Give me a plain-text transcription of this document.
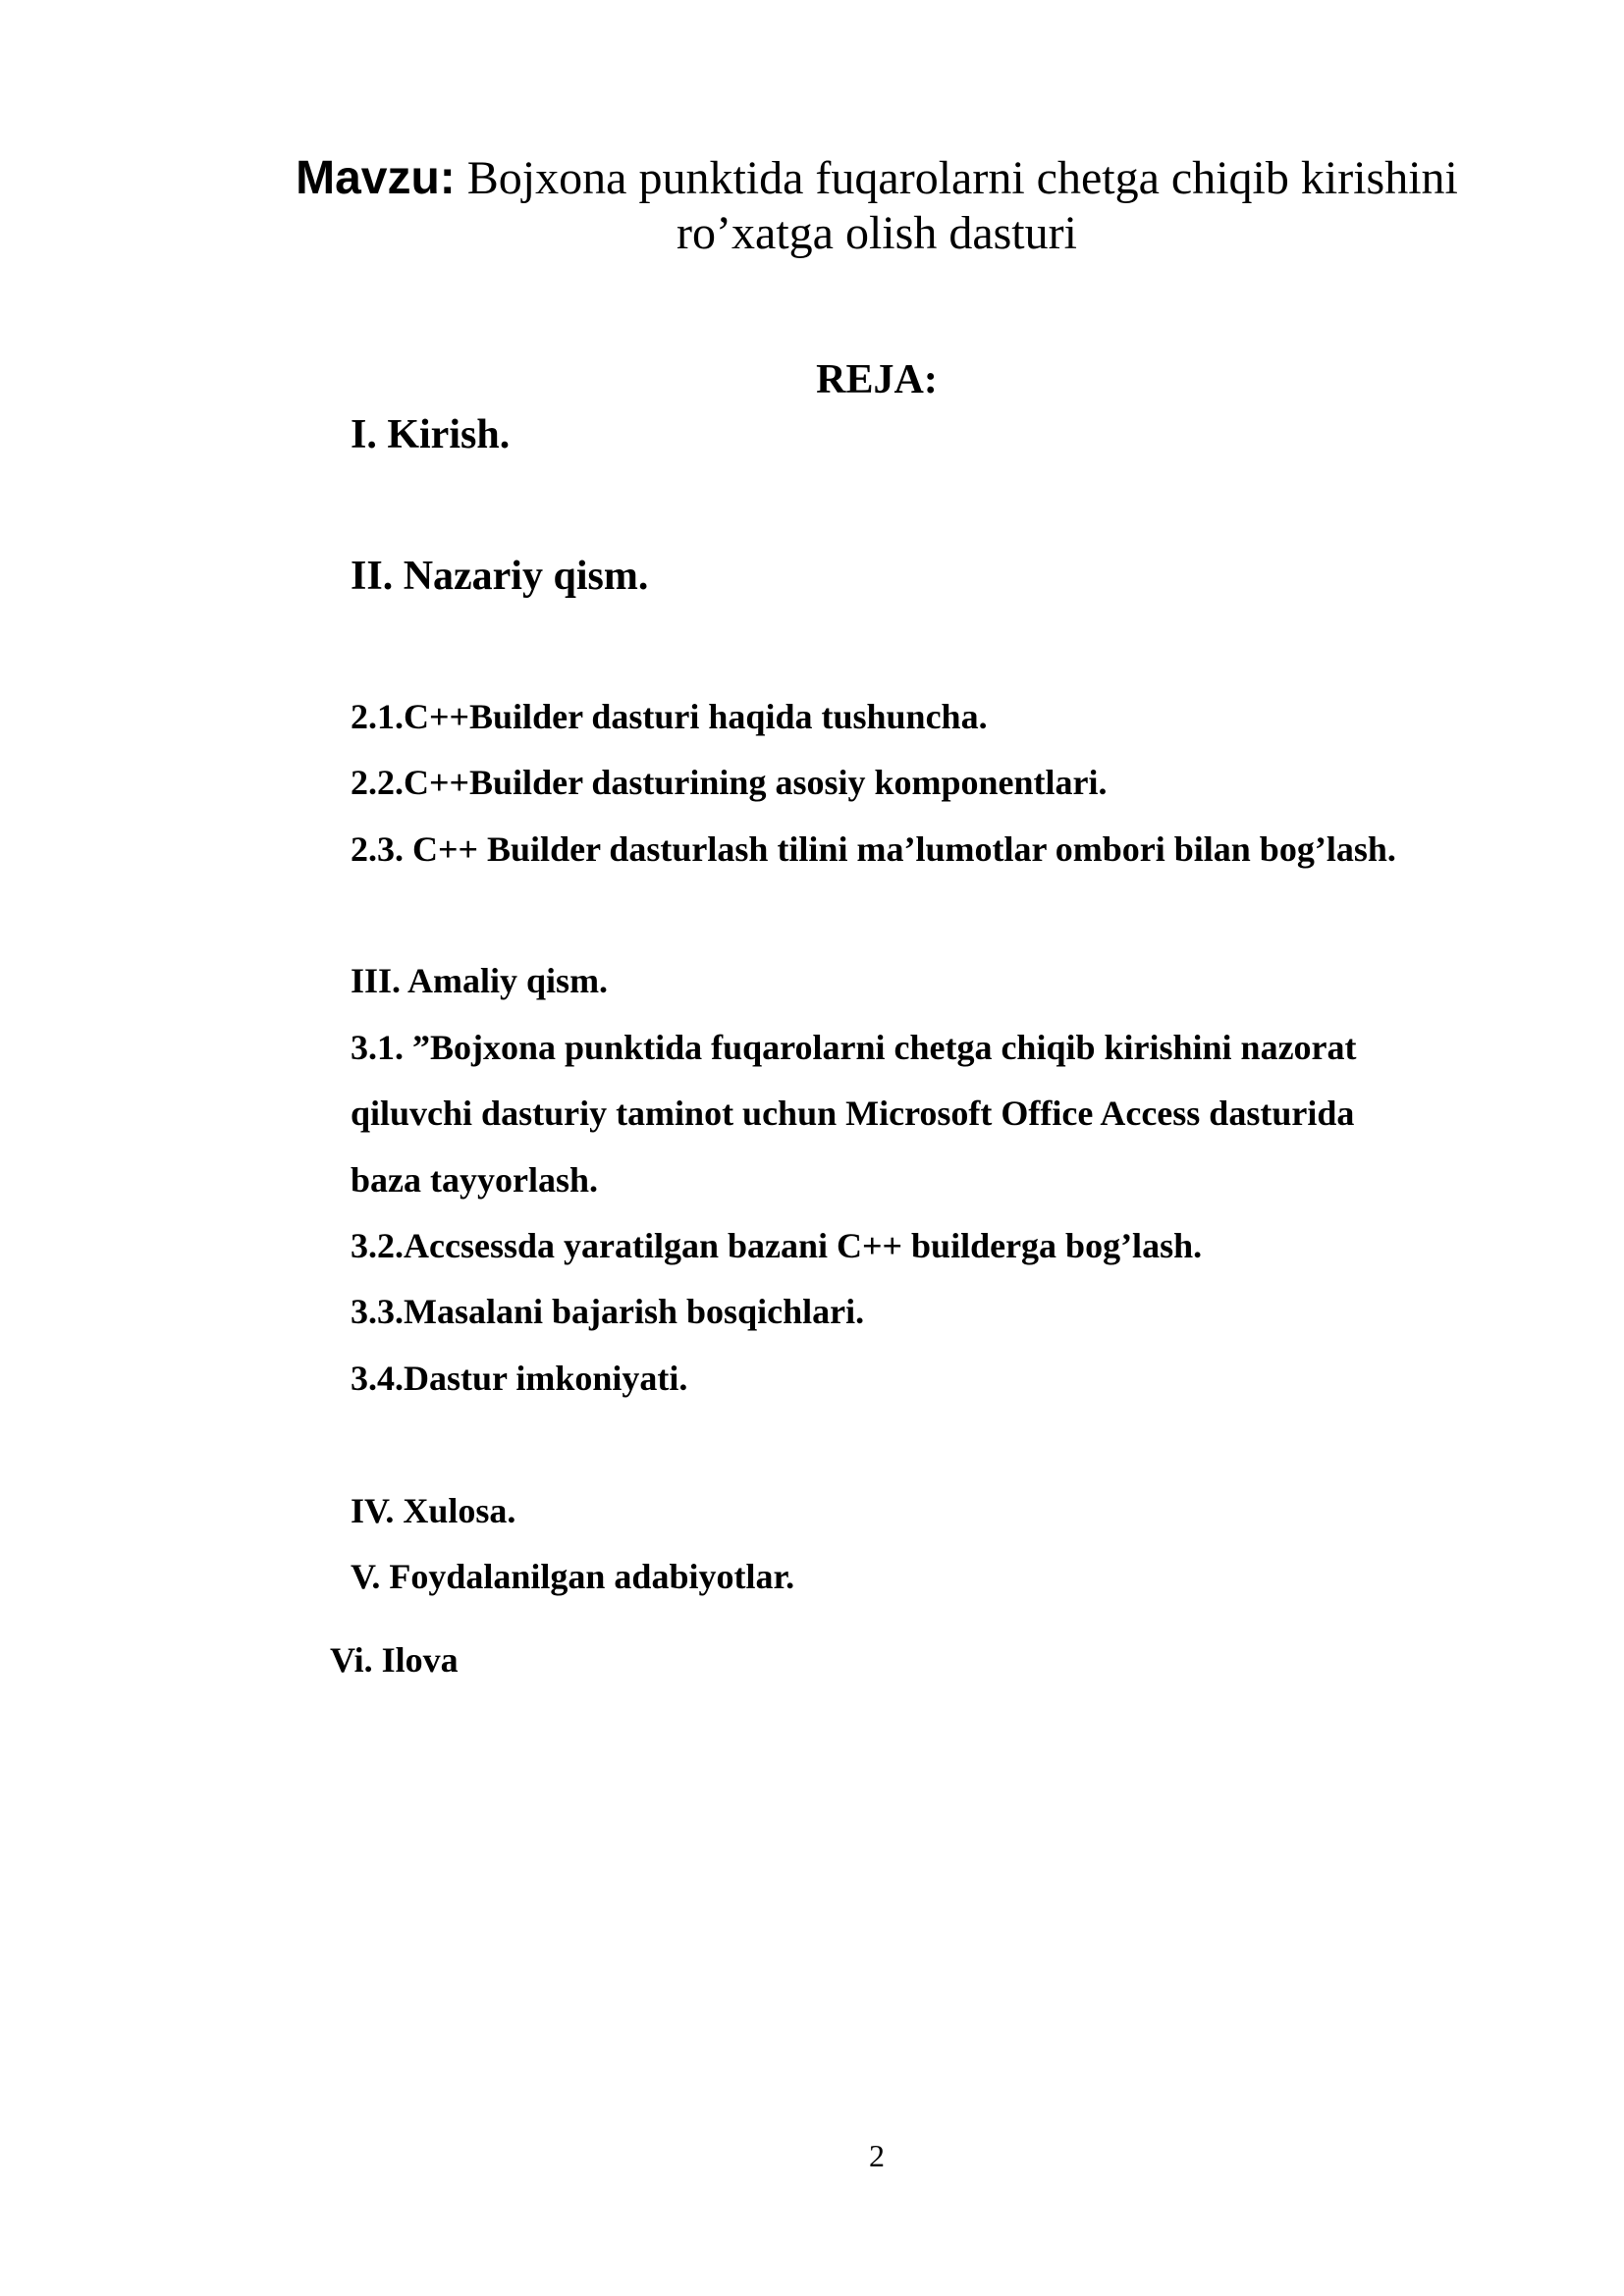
Mavzu: Bojxona punktida fuqarolarni chetga chiqib kirishini
ro’xatga olish dasturi
REJA:
I. Kirish.
II. Nazariy qism.
2.1.C++Builder dasturi haqida tushuncha.
2.2.C++Builder dasturining asosiy komponentlari.
2.3. C++ Builder dasturlash tilini ma’lumotlar ombori bilan bog’lash.
III. Amaliy qism.
3.1. ”Bojxona punktida fuqarolarni chetga chiqib kirishini nazorat
qiluvchi dasturiy taminot uchun Microsoft Office Access dasturida
baza tayyorlash.
3.2.Accsessda yaratilgan bazani C++ builderga bog’lash.
3.3.Masalani bajarish bosqichlari.
3.4.Dastur imkoniyati.
IV. Xulosa.
V. Foydalanilgan adabiyotlar.
Vi. Ilova
2
